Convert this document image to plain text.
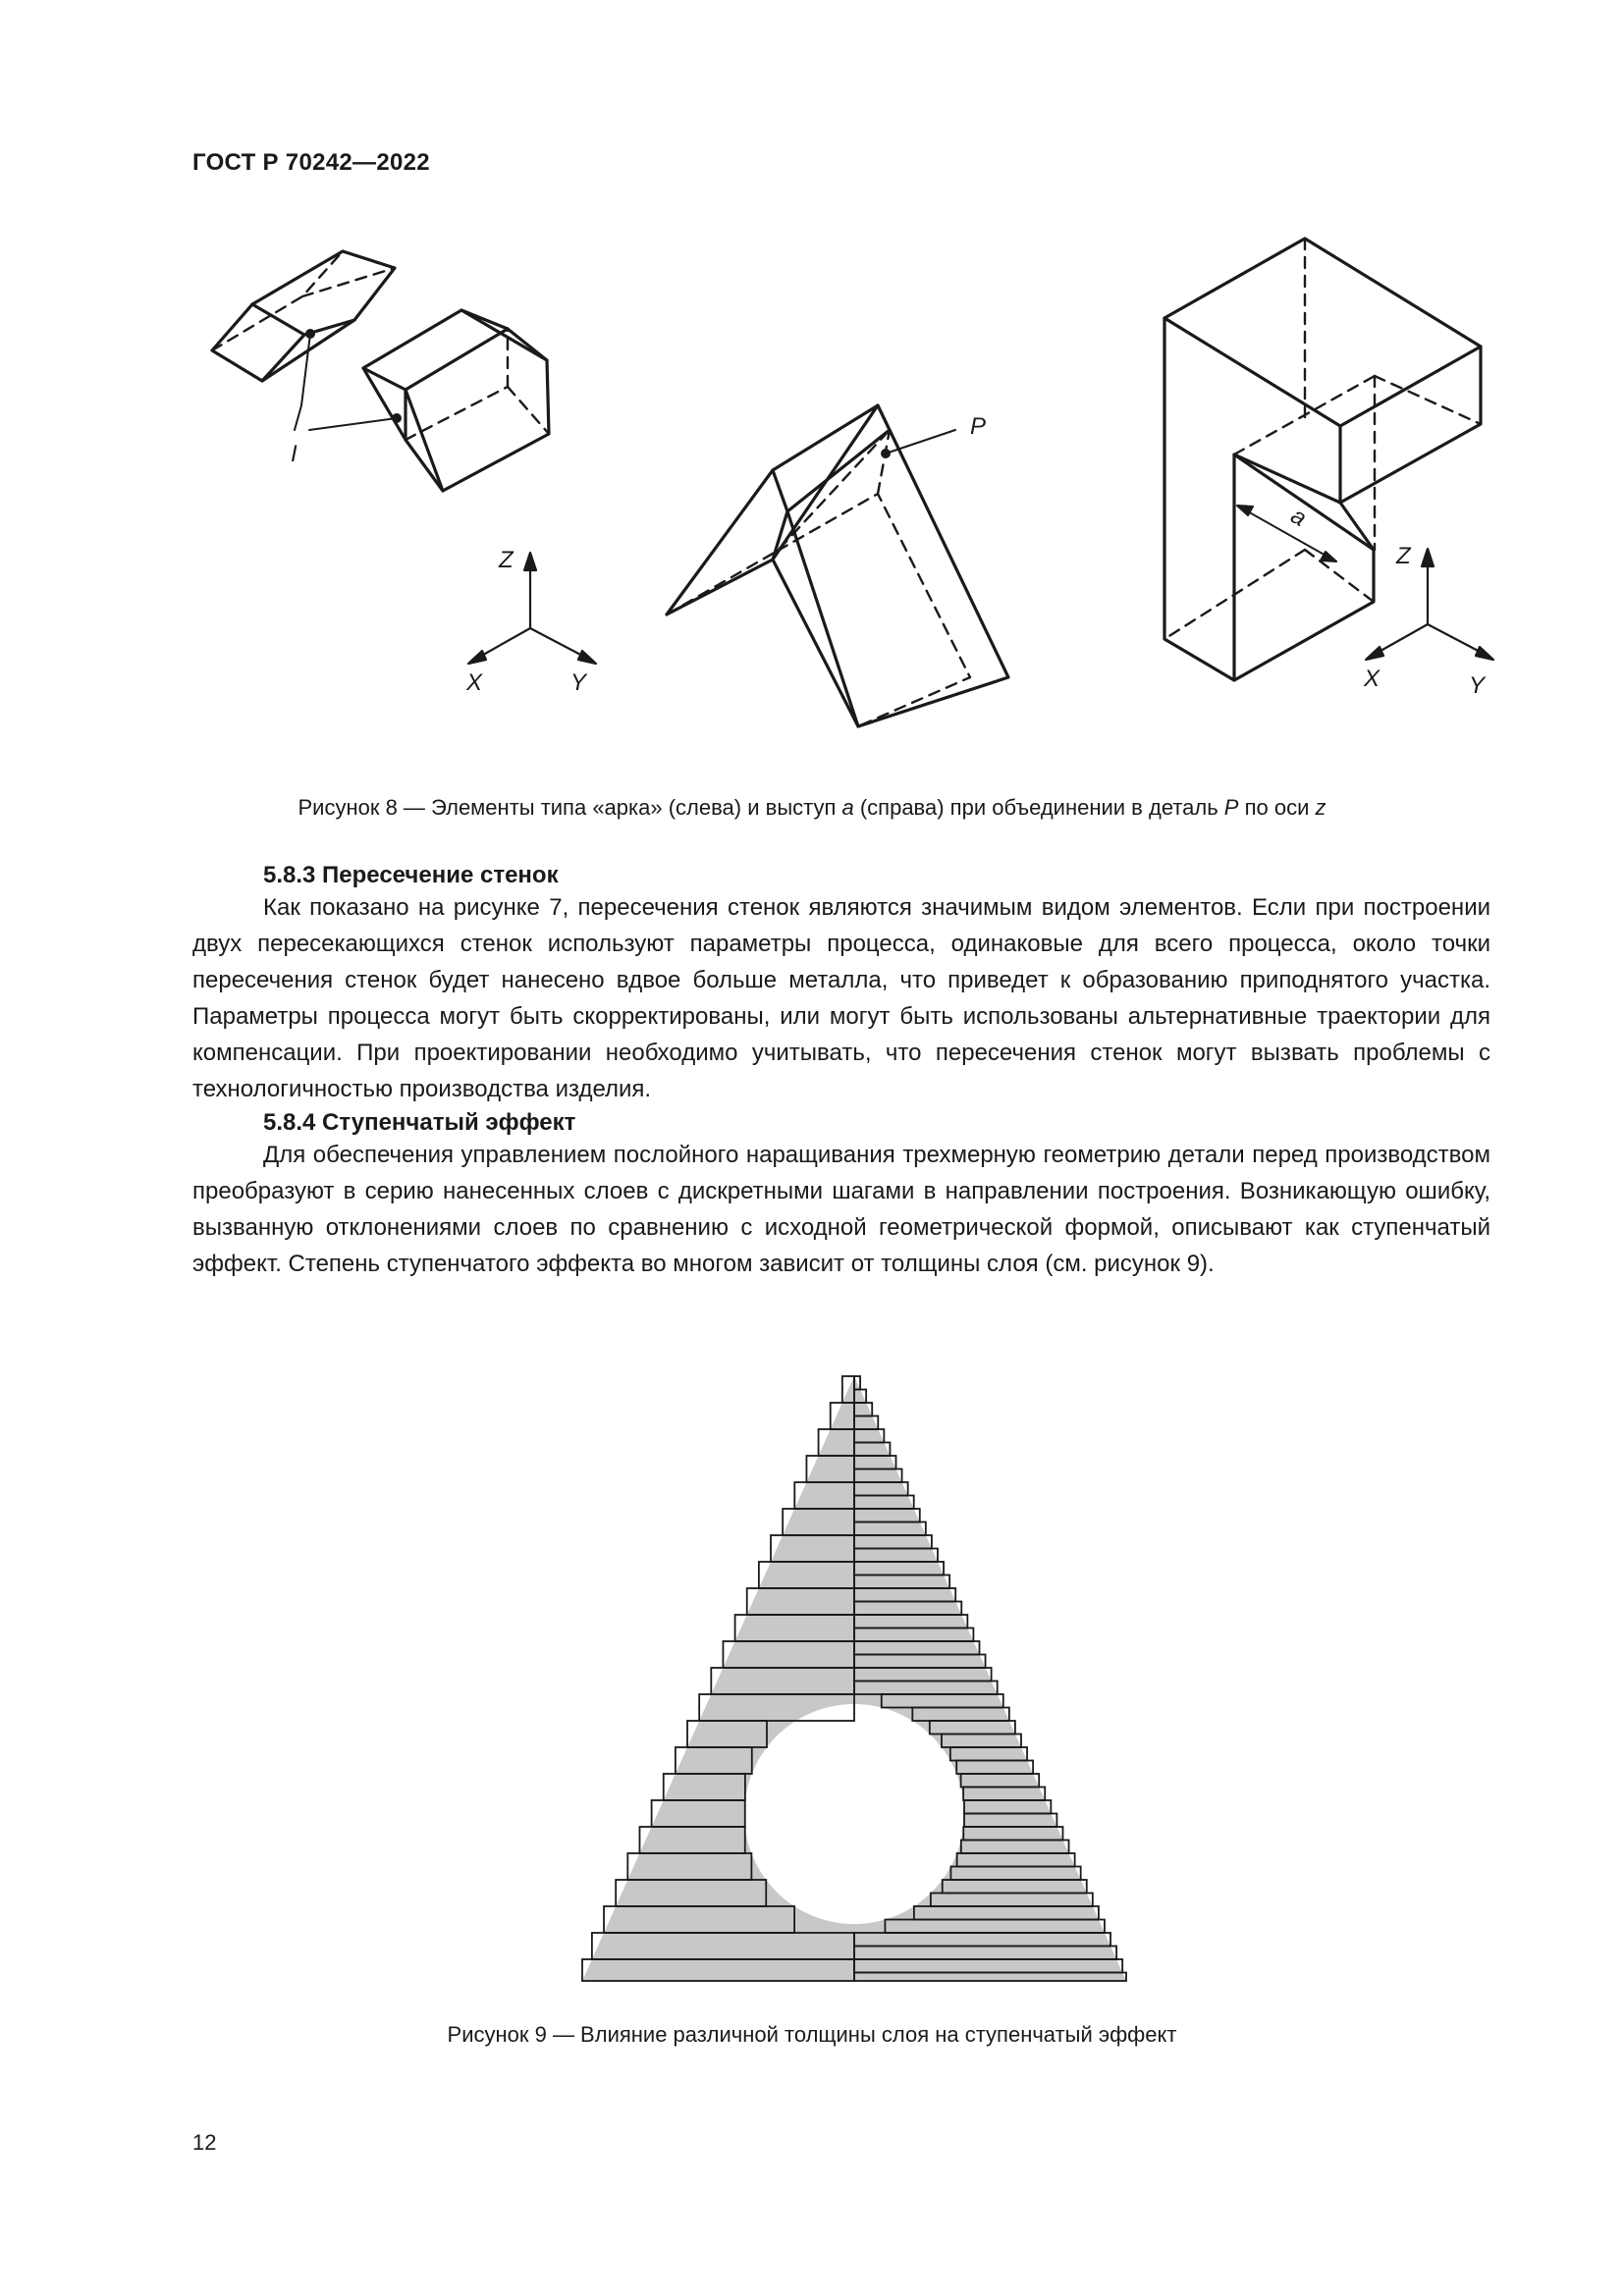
ГОСТ Р 70242—2022
I
P
a
Z
X	Y
Z
X	Y
Рисунок 8 — Элементы типа «арка» (слева) и выступ a (справа) при объединении в деталь P по оси z
5.8.3 Пересечение стенок
Как показано на рисунке 7, пересечения стенок являются значимым видом элементов. Если при построении двух пересекающихся стенок используют параметры процесса, одинаковые для всего процесса, около точки пересечения стенок будет нанесено вдвое больше металла, что приведет к образованию приподнятого участка. Параметры процесса могут быть скорректированы, или могут быть использованы альтернативные траектории для компенсации. При проектировании необходимо учитывать, что пересечения стенок могут вызвать проблемы с технологичностью производства изделия.
5.8.4 Ступенчатый эффект
Для обеспечения управлением послойного наращивания трехмерную геометрию детали перед производством преобразуют в серию нанесенных слоев с дискретными шагами в направлении построения. Возникающую ошибку, вызванную отклонениями слоев по сравнению с исходной геометрической формой, описывают как ступенчатый эффект. Степень ступенчатого эффекта во многом зависит от толщины слоя (см. рисунок 9).
Рисунок 9 — Влияние различной толщины слоя на ступенчатый эффект
12
